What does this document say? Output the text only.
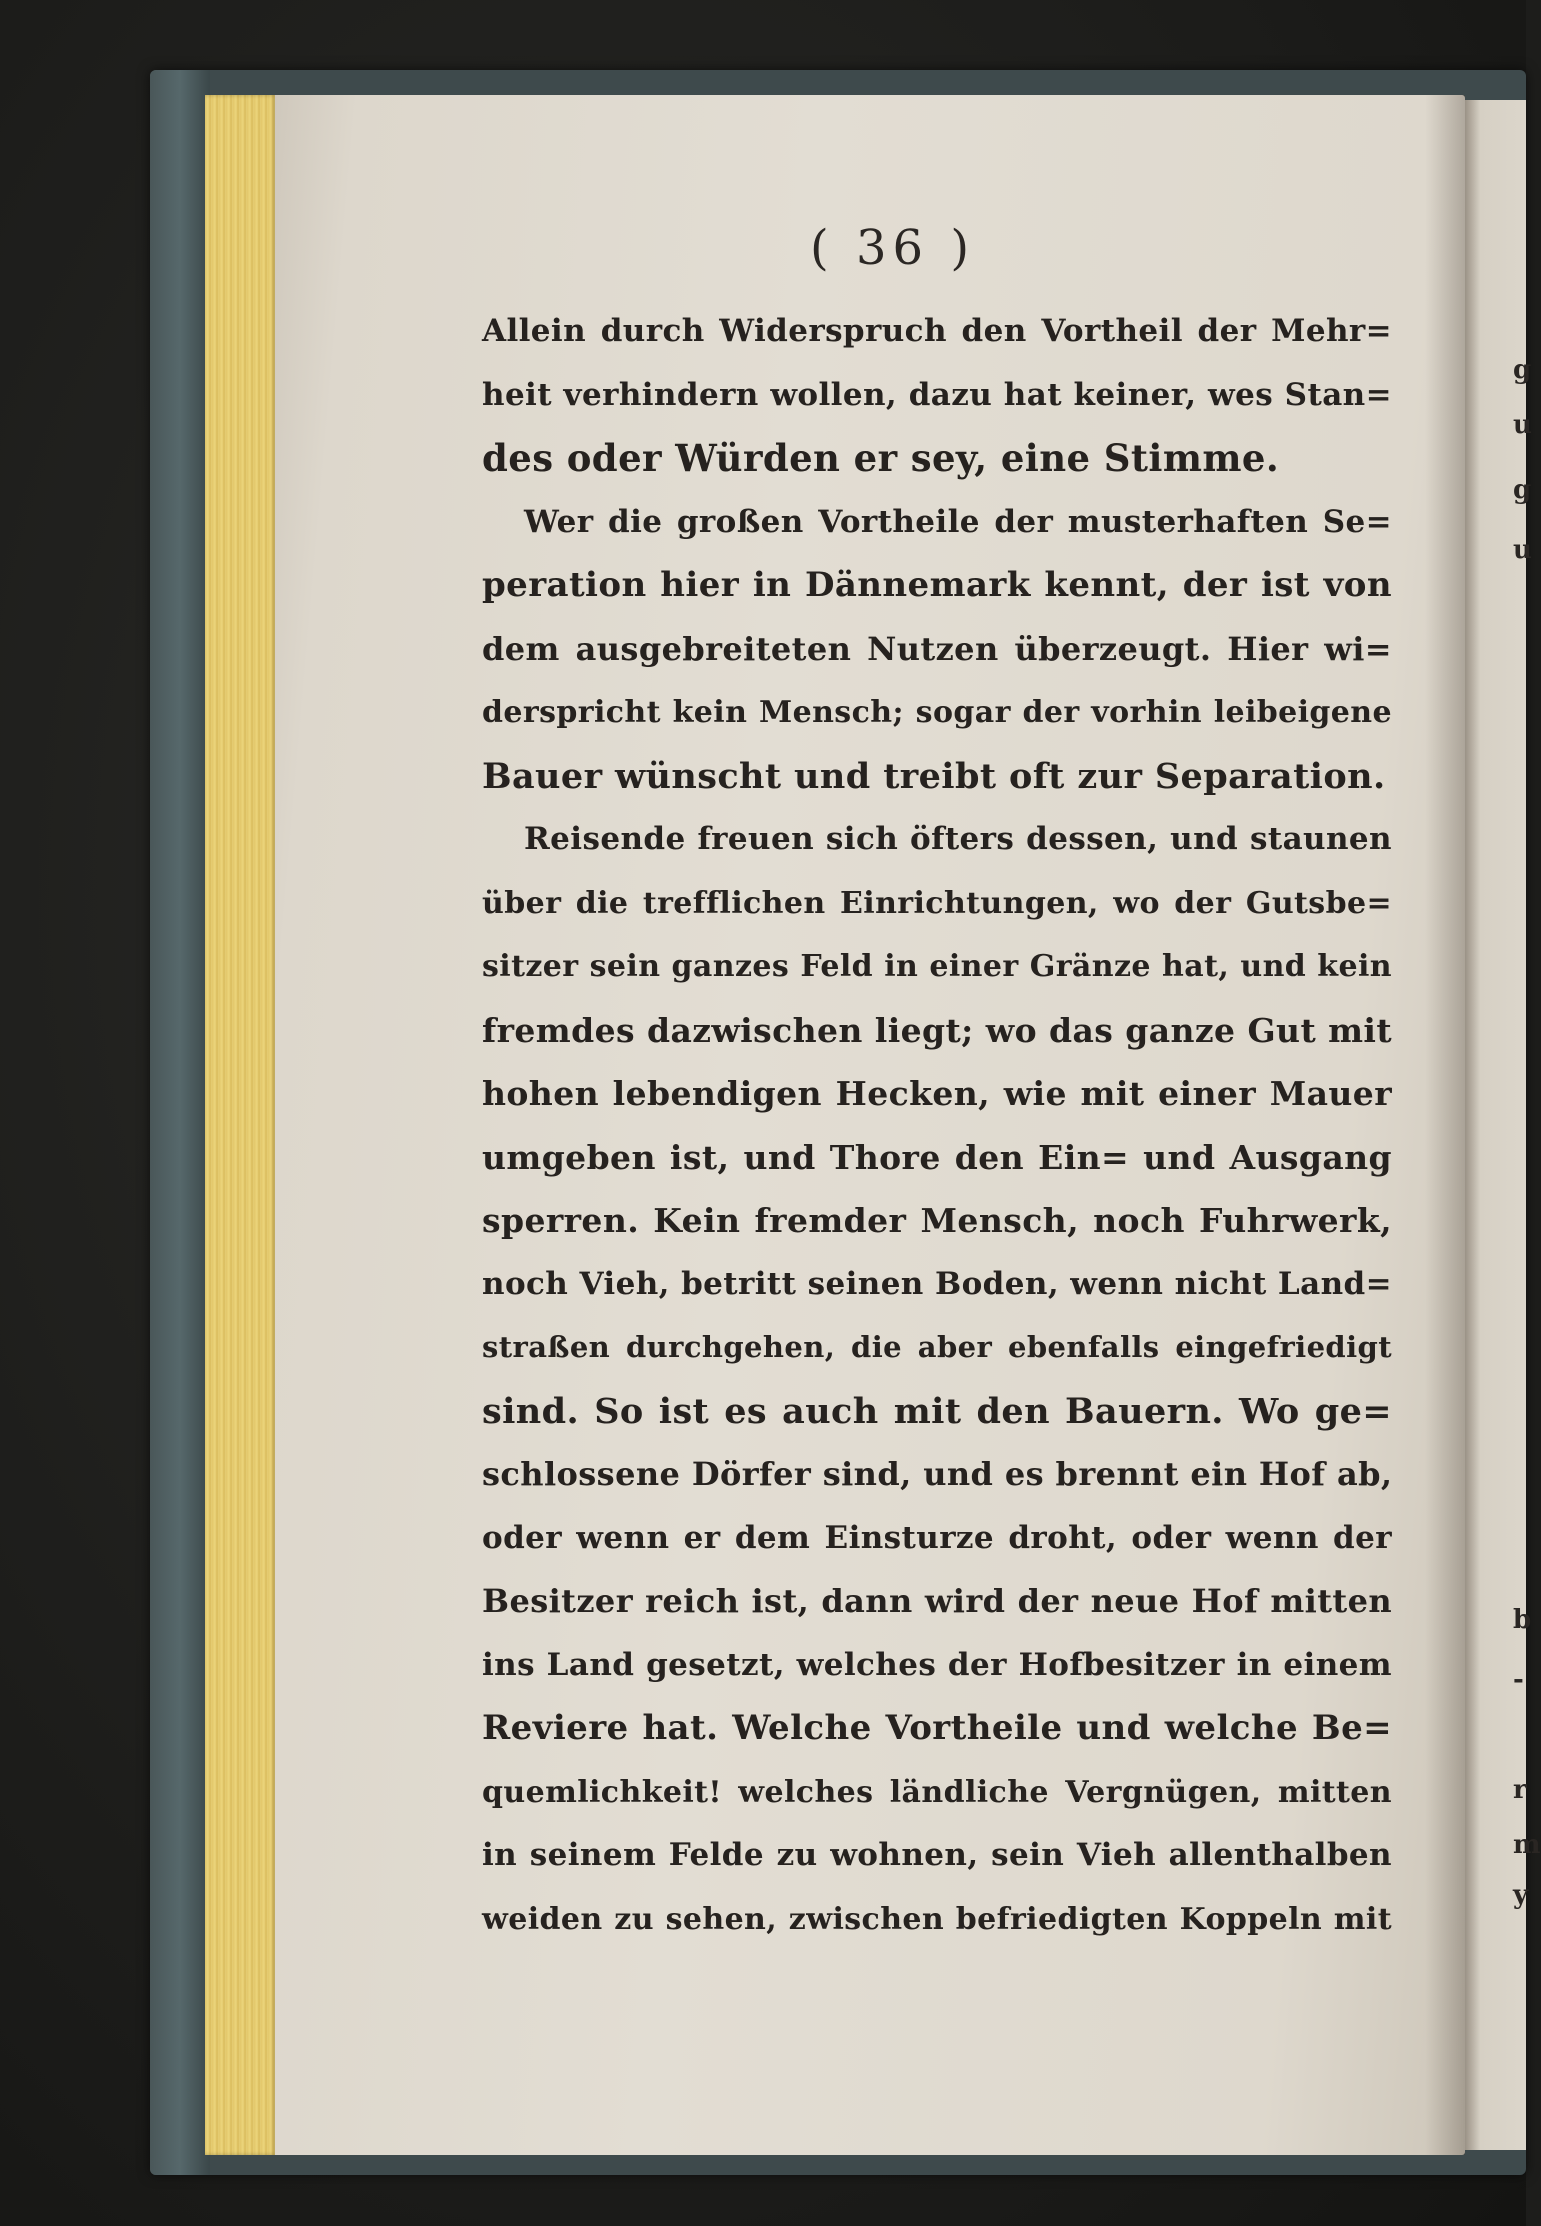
g
u
g
u
b
-
r
m
y
( 36 )
Allein durch Widerspruch den Vortheil der Mehr=
heit verhindern wollen, dazu hat keiner, wes Stan=
des oder Würden er sey, eine Stimme.
Wer die großen Vortheile der musterhaften Se=
peration hier in Dännemark kennt, der ist von
dem ausgebreiteten Nutzen überzeugt. Hier wi=
derspricht kein Mensch; sogar der vorhin leibeigene
Bauer wünscht und treibt oft zur Separation.
Reisende freuen sich öfters dessen, und staunen
über die trefflichen Einrichtungen, wo der Gutsbe=
sitzer sein ganzes Feld in einer Gränze hat, und kein
fremdes dazwischen liegt; wo das ganze Gut mit
hohen lebendigen Hecken, wie mit einer Mauer
umgeben ist, und Thore den Ein= und Ausgang
sperren. Kein fremder Mensch, noch Fuhrwerk,
noch Vieh, betritt seinen Boden, wenn nicht Land=
straßen durchgehen, die aber ebenfalls eingefriedigt
sind. So ist es auch mit den Bauern. Wo ge=
schlossene Dörfer sind, und es brennt ein Hof ab,
oder wenn er dem Einsturze droht, oder wenn der
Besitzer reich ist, dann wird der neue Hof mitten
ins Land gesetzt, welches der Hofbesitzer in einem
Reviere hat. Welche Vortheile und welche Be=
quemlichkeit! welches ländliche Vergnügen, mitten
in seinem Felde zu wohnen, sein Vieh allenthalben
weiden zu sehen, zwischen befriedigten Koppeln mit
